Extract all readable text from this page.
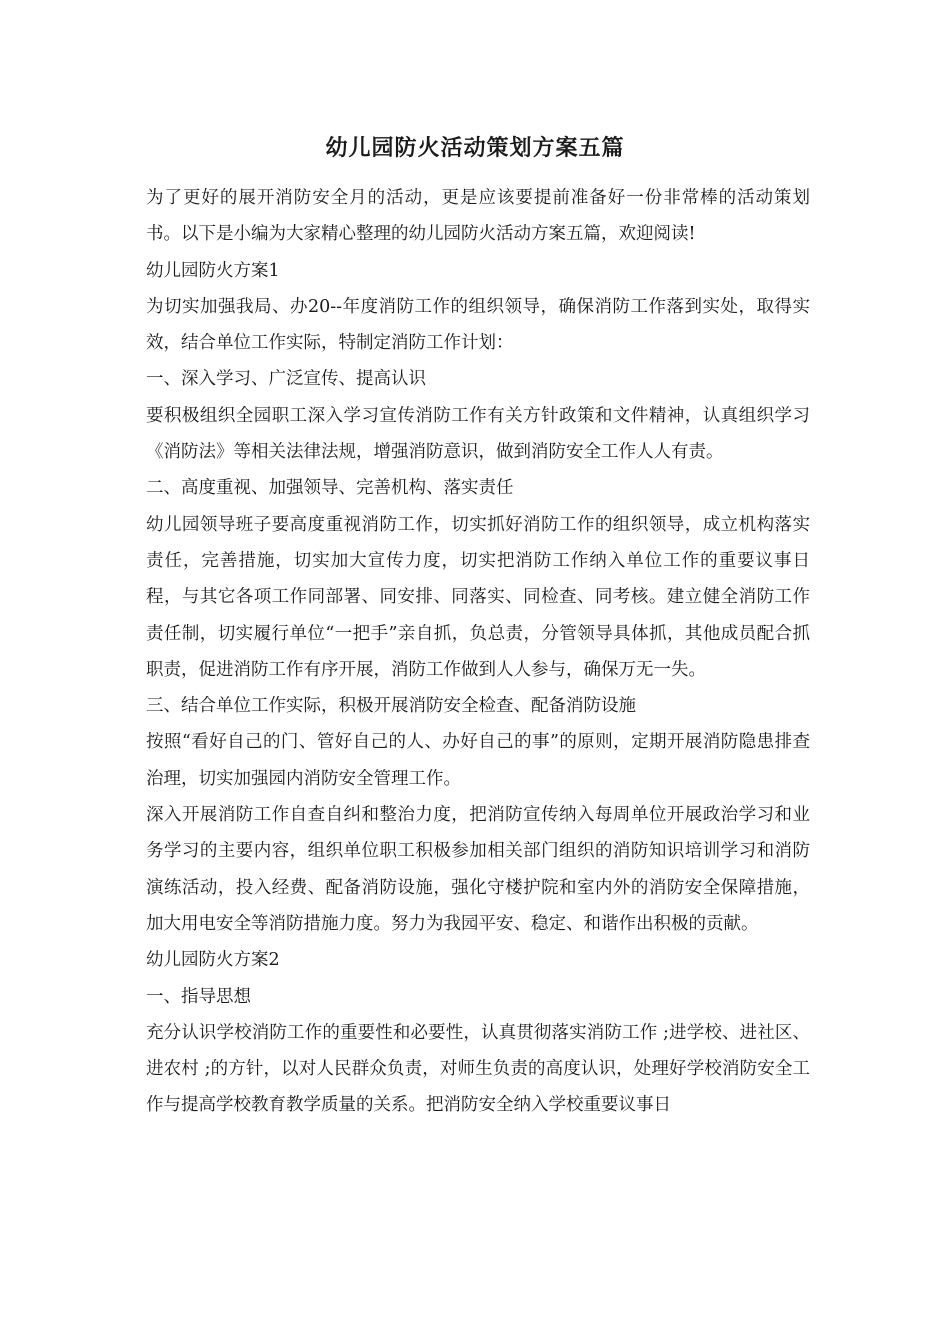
幼儿园防火活动策划方案五篇

为了更好的展开消防安全月的活动，更是应该要提前准备好一份非常棒的活动策划书。以下是小编为大家精心整理的幼儿园防火活动方案五篇，欢迎阅读!

幼儿园防火方案1

为切实加强我局、办20--年度消防工作的组织领导，确保消防工作落到实处，取得实效，结合单位工作实际，特制定消防工作计划：

一、深入学习、广泛宣传、提高认识

要积极组织全园职工深入学习宣传消防工作有关方针政策和文件精神，认真组织学习《消防法》等相关法律法规，增强消防意识，做到消防安全工作人人有责。

二、高度重视、加强领导、完善机构、落实责任

幼儿园领导班子要高度重视消防工作，切实抓好消防工作的组织领导，成立机构落实责任，完善措施，切实加大宣传力度，切实把消防工作纳入单位工作的重要议事日程，与其它各项工作同部署、同安排、同落实、同检查、同考核。建立健全消防工作责任制，切实履行单位“一把手”亲自抓，负总责，分管领导具体抓，其他成员配合抓职责，促进消防工作有序开展，消防工作做到人人参与，确保万无一失。

三、结合单位工作实际，积极开展消防安全检查、配备消防设施

按照“看好自己的门、管好自己的人、办好自己的事”的原则，定期开展消防隐患排查治理，切实加强园内消防安全管理工作。

深入开展消防工作自查自纠和整治力度，把消防宣传纳入每周单位开展政治学习和业务学习的主要内容，组织单位职工积极参加相关部门组织的消防知识培训学习和消防演练活动，投入经费、配备消防设施，强化守楼护院和室内外的消防安全保障措施，加大用电安全等消防措施力度。努力为我园平安、稳定、和谐作出积极的贡献。

幼儿园防火方案2

一、指导思想

充分认识学校消防工作的重要性和必要性，认真贯彻落实消防工作 ;进学校、进社区、进农村 ;的方针，以对人民群众负责，对师生负责的高度认识，处理好学校消防安全工作与提高学校教育教学质量的关系。把消防安全纳入学校重要议事日
